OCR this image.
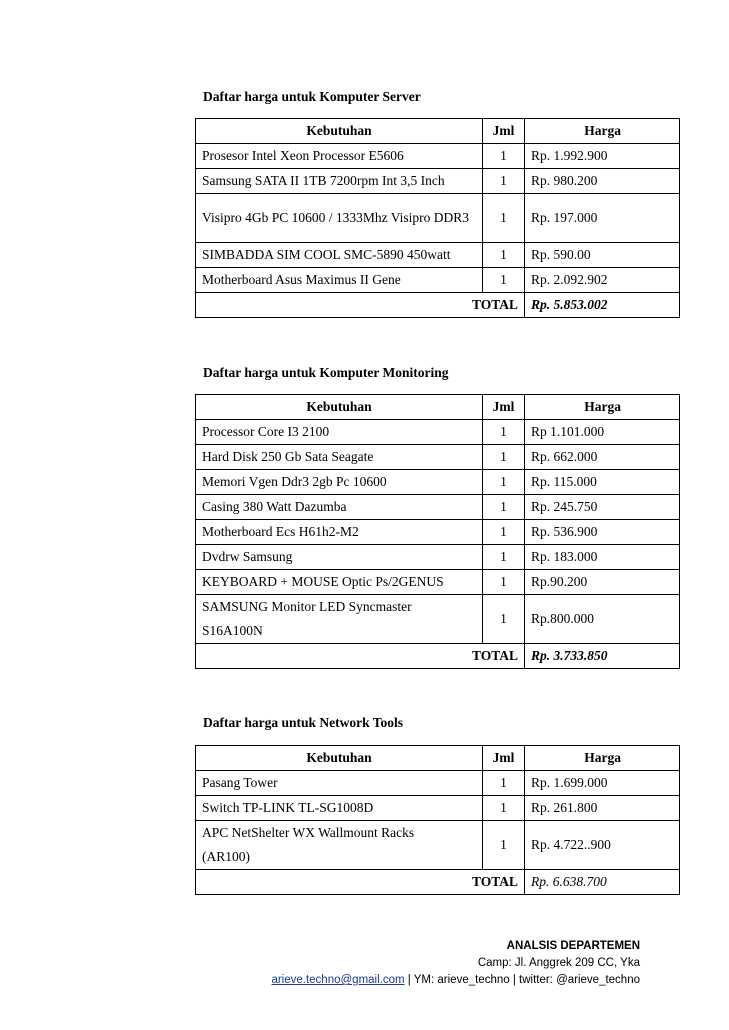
Daftar harga untuk Komputer Server
Kebutuhan	Jml	Harga
Prosesor Intel Xeon Processor E5606	1	Rp. 1.992.900
Samsung SATA II 1TB 7200rpm Int 3,5 Inch	1	Rp. 980.200
Visipro 4Gb PC 10600 / 1333Mhz Visipro DDR3	1	Rp. 197.000
SIMBADDA SIM COOL SMC-5890 450watt	1	Rp. 590.00
Motherboard Asus Maximus II Gene	1	Rp. 2.092.902
TOTAL		Rp. 5.853.002
Daftar harga untuk Komputer Monitoring
Kebutuhan	Jml	Harga
Processor Core I3 2100	1	Rp 1.101.000
Hard Disk 250 Gb Sata Seagate	1	Rp. 662.000
Memori Vgen Ddr3 2gb Pc 10600	1	Rp. 115.000
Casing 380 Watt Dazumba	1	Rp. 245.750
Motherboard Ecs H61h2-M2	1	Rp. 536.900
Dvdrw Samsung	1	Rp. 183.000
KEYBOARD + MOUSE Optic Ps/2GENUS	1	Rp.90.200

SAMSUNG Monitor LED Syncmaster S16A100N	1	Rp.800.000
TOTAL		Rp. 3.733.850
Daftar harga untuk Network Tools
Kebutuhan	Jml	Harga
Pasang Tower	1	Rp. 1.699.000
Switch TP-LINK TL-SG1008D	1	Rp. 261.800

APC NetShelter WX Wallmount Racks (AR100)	1	Rp. 4.722..900
TOTAL		Rp. 6.638.700
ANALSIS DEPARTEMEN
Camp: Jl. Anggrek 209 CC, Yka
arieve.techno@gmail.com | YM: arieve_techno | twitter: @arieve_techno
